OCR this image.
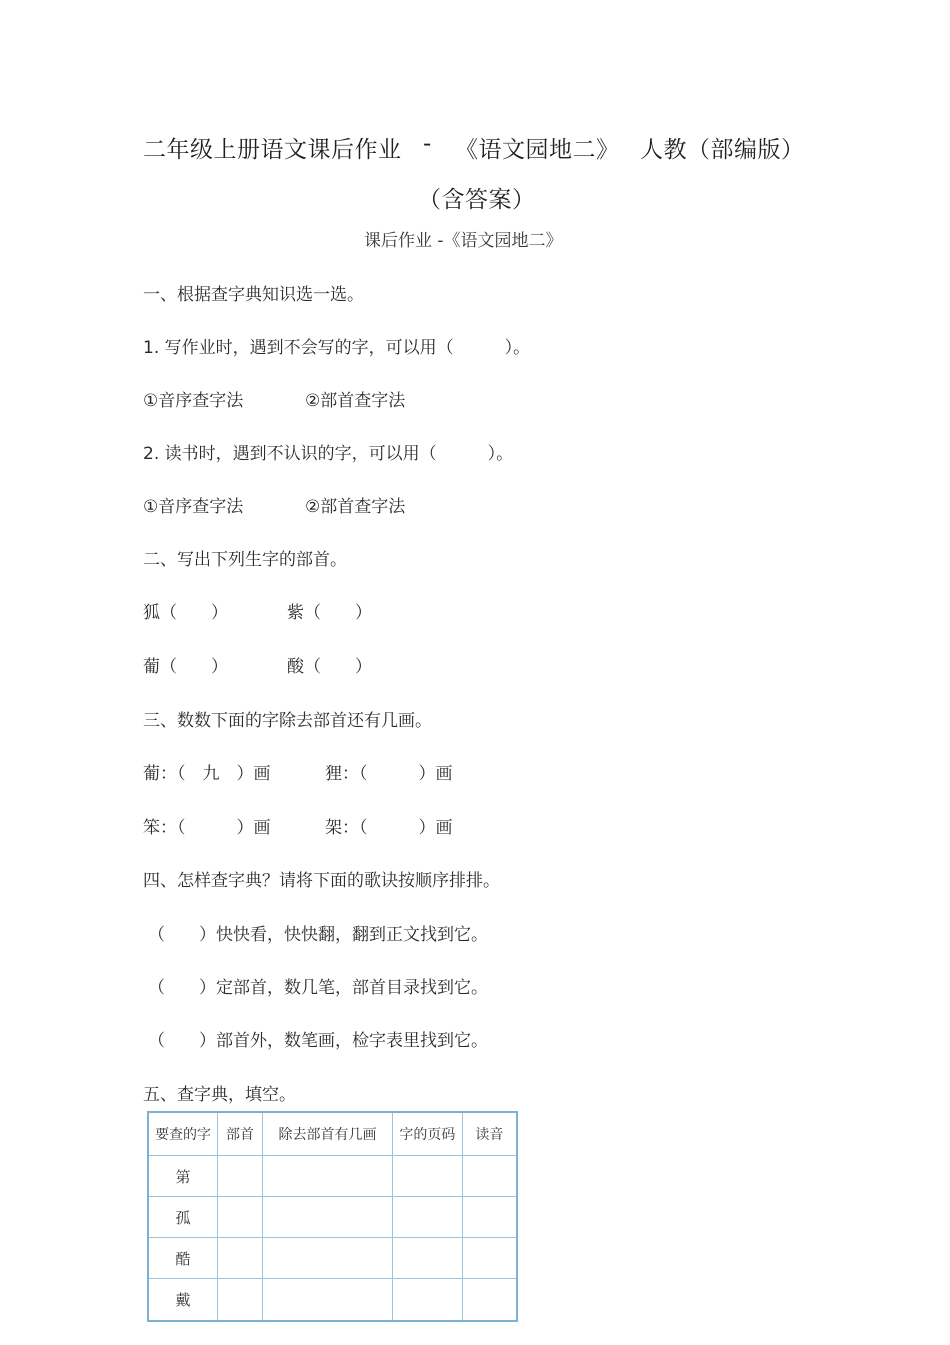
二年级上册语文课后作业 - 《语文园地二》 人教（部编版）
（含答案）
课后作业 -《语文园地二》
一、根据查字典知识选一选。
1. 写作业时，遇到不会写的字，可以用（　　　）。
①音序查字法	②部首查字法
2. 读书时，遇到不认识的字，可以用（　　　）。
①音序查字法	②部首查字法
二、写出下列生字的部首。
狐（　　）	紫（　　）
葡（　　）	酸（　　）
三、数数下面的字除去部首还有几画。
葡：（　九　）画	狸：（　　　）画
笨：（　　　）画	架：（　　　）画
四、怎样查字典？请将下面的歌诀按顺序排排。
（　　）快快看，快快翻，翻到正文找到它。
（　　）定部首，数几笔，部首目录找到它。
（　　）部首外，数笔画，检字表里找到它。
五、查字典，填空。
要查的字	部首	除去部首有几画	字的页码	读音
第				
孤				
酷				
戴				
